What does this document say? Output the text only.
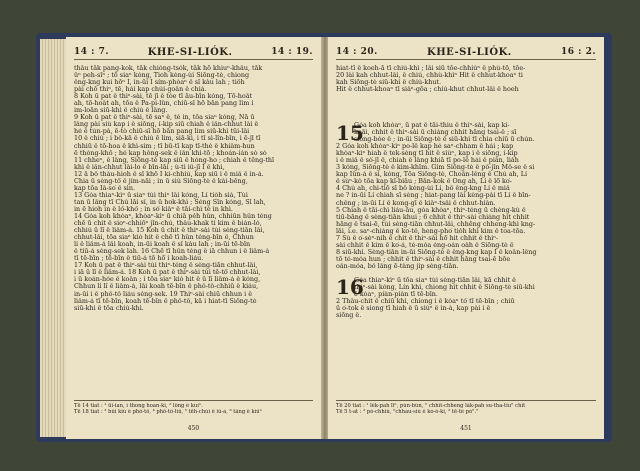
14 : 7.	KHE-SI-LIÓK.	14 : 19.
thâu tåk pang-kok, tåk chióng-tsók, tåk hō khiuⁿ-khâu, tåk
üⁿ peh-sîⁿ ; tō siaⁿ kóng, Tioh kèng-ùi Siōng-tè, chiong
êng-kng kui hōⁿ I, in-ūi I sím-phòaⁿ ê sî kàu lah ; tiöh
pài chō thiⁿ, tē, hái kap chúi-goân ê chiá.
8 Koh ū pat ê thiⁿ-sài, tē jī ê tòe tī āu-bīn kóng, Tō-hoât
ah, tō-hoât ah, tōa ê Pa-pi-lûn, chiū-sī hō bān pang lim i
im-loān siū-khì ê chiú ê lâng.
9 Koh ū pat ê thiⁿ-sài, tē saⁿ ê, tè in, tōa siaⁿ kóng, Nā ū
lâng pài siù kap i ê siōng, í-kip siū chiah ê iân-chhut lâi ê
hé ê tún-pà, ē-tò chiū-sī hō bān pang lim siū-khì tūi-lâi
10 ê chiú ; i bô-kā ê chiú ē lim, siā-kì, i tī sì-lîn-bīn, i ē-jī tī
chhiū ê tō-hoa ê khì-sim ; tī bū-tī kap tī-thè ê khiâm-hun
ē thòng-khố ; hé kap hông-sek ê iân khì-tō ; khoán-ián sò sò
11 chheⁿ, ê lâng, Siōng-tè kap siū ê hóng-ho ; chiah ê tēng-thī
khì ê iân-chhut lâi-lo ê bīn-lāi ; ù-ti iû-jī I ê khì,
12 ā bô tháu-hioh ê sî khō I ki-chhiú, kap siū i ê miâ ê ìn-á.
Chia ū sèng-tô͘ ê jím-nāi ; in ū siú Siōng-tè ê kài-bēng,
kap tōa Iâ-so͘ ê sìn.
13 Góa thiaⁿ-kìⁿ ū siaⁿ tùi thiⁿ lâi kóng, Lí tiòh siá, Tùi
tan ū lâng tī Chú lāi sí, in ū hok-khì ; Sèng Sîn kóng, Sī lah,
in ē hioh in ê ló͘-khó͘ ; in só͘ kiâⁿ ê tāi-chì tè in khì.
14 Góa koh khòaⁿ, khòaⁿ-kìⁿ ū chiā pe̍h hûn, chhiūn hûn téng
chē ū chit ê sioⁿ-chhiōⁿ jîn-chú, thâu-khak tì kim ê bián-ló,
chhiú ū lî ê liâm-á. 15 Koh ū chit ê thiⁿ-sài tùi sèng-tiān lâi,
chhut-lâi, tōa siaⁿ kiò hit ê chē tī hûn téng-bīn ê, Chhun
lí ê liâm-á lâi koah, in-ūi koah ê sî kàu lah ; in-ūi tē-bīn
ê tiū-á sėng-sek lah. 16 Chē tī hûn téng ê iā chhun i ê liâm-á
tī tē-bīn ; tē-bīn ê tiū-á tō hō͘ i koah-liáu.
17 Koh ū pat ê thiⁿ-sài tùi thiⁿ-téng ê sèng-tiān chhut-lâi,
i iā ū lî ê liâm-á. 18 Koh ū pat ê thiⁿ-sài tùi tē-tô͘ chhut-lâi,
i ū koán-hóe ê koân ; i tōa siaⁿ kiò hit ê ū lî liâm-á ê kóng,
Chhun lí lî ê liâm-á, lâi koah tē-bīn ê phô-tô-chhiū ê kiáu,
in-ūi i ê phô-tô liáu sėng-sek. 19 Thiⁿ-sài chiū chhun i ê
liâm-á tī tē-bīn, koah tē-bīn ê phô-tô, kā i hiat-tī Siōng-tè
siū-khì ê tōa chiú-khì.
Tē 14 tiat : ¹ üi-ian, i thong hoan-kî, ² lông ê kuiⁿ.
Tē 18 tiat : ³ bûi kiú ê phô-tô, ⁴ phô-tô-liû, ⁵ tēh-chúi ê iû-á, ⁶ tâng ê kiûⁿ
450
14 : 20.	KHE-SI-LIÓK.	16 : 2.
hiat-tī ê koeh-ā tī chiú-khì ; lâi siū tōe-chhiúⁿ ê phù-tō, tōe-
20 lài kah chhut-lâi, ê chiú, chhù-khìⁿ Hit ê chhut-khoaⁿ ti
kah Siōng-tè siū-khì ê chiú-khut.
Hit ê chhut-khoaⁿ tī siâⁿ-gōa ; chiú-khut chhut-lâi ê hoeh
15
Góa koh khòaⁿ, ū pat ê tāi-thiu ê thiⁿ-sài, kap ki-
koāi, chhit ê thiⁿ-sài ū chiáng chhit hāng tsai-ê ; sī
siōng-bóe ê ; in-ūi Siōng-tè ê siū-khì tī chia chiū ū chún.
2 Góa koh khòaⁿ-kìⁿ po-lê kap hé saⁿ-chham ê hái ; kap
khòaⁿ-kìⁿ hiah ê tek-sèng tī hit ê siùⁿ, kap i ê siōng, í-kip
i ê miâ ê sò͘-jī ê, chiah ê lâng khiā tī po-lê hái ê piân, lia̍h
3 kóng, Siōng-tè ê kim-khîm. Gím Siōng-tè ê pò͘-jîn Mô-se ê si
kap Iûn-á ê si, kóng, Tōa Siōng-tè, Choân-lêng ê Chú ah, Lí
ê sùⁿ-kò tōa kap kî-biāu ; Bān-kok ê Ông ah, Lí ê lō͘ ko͘-
4 Chú ah, chi-tiō sī bô kèng-ùi Lí, bô êng-kng Lí ê miâ
ne ? in-ūi Lí chiah sī sèng ; hiat-pang lâi kèng-pài tī Lí ê bīn-
chêng ; in-ūi Lí ê kong-gī ê kiâⁿ-tsâi ê chhut-hiàn.
5 Chiah ê tāi-chì liáu-āu, góa khòaⁿ, thiⁿ-téng ū chèng-kù ê
tiū-bāng ê sèng-tiān khui ; 6 chhit ê thiⁿ-sài chiáng hit chhit
hāng ê tsai-ē, tùi sèng-tiān chhut-lâi, chhēng chheng-khì kng-
lāi, i.e. saⁿ-chiáng ê ko͘-tê, heng-pho͘ tio̍h khì kim ê toa-tōa.
7 Sù ê o͘-sèⁿ-nih ê chit ê thiⁿ-sài hō͘ hit chhit ê thiⁿ-
sài chhit ê kim ê ko͘-á, té-móa éng-oán oa̍h ê Siōng-tè ê
8 siū-khì. Sèng-tiān in-ūi Siōng-tè ê êng-kng kap I ê koân-lêng
tō té-móa hun ; chhit ê thiⁿ-sài ê chhit hāng tsai-ē bōe
oân-móa, bô lâng ē-tàng jip sèng-tiān.
16
Góa thiaⁿ-kìⁿ ū tōa siaⁿ tùi sèng-tiān lâi, kā chhit ê
thiⁿ-sài kóng, Lín khì, chiong hit chhit ê Siōng-tè siū-khì
ê kóaⁿ, piàn-piàn tī tē-bīn.
2 Thâu-chit ê chiū khì, chiong i ê kóaⁿ tó͘ tī tē-bīn ; chiū
ū o͘-tok ê siong tī hiah ê ū siùⁿ ê ìn-á, kap pài i ê
siōng ê.
Tē 20 tiat : ¹ lêk-pah līⁿ, pún-bûn, " chhit-chheng lâk-pah su-tha-tîu" chit
Tē 5 t-at : ² pó-chhiú, "chhau-siú ê ko͘-ó-ki, ³ tē-tê pó"."
451
